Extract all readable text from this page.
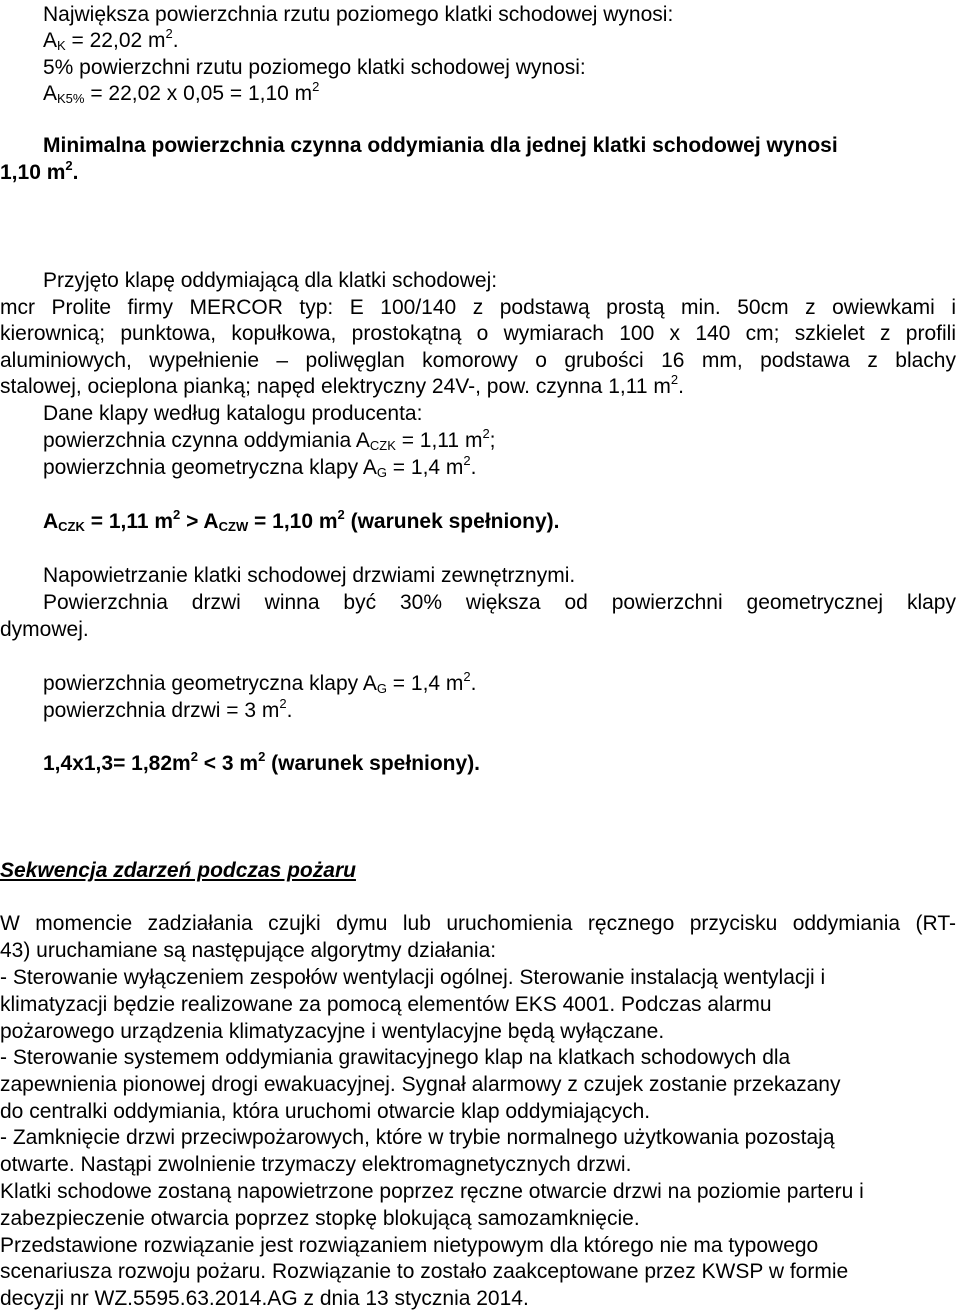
Największa powierzchnia rzutu poziomego klatki schodowej wynosi:
$A_K = 22,02$ $m^2$.
5% powierzchni rzutu poziomego klatki schodowej wynosi:
$A_{K5\%} = 22,02$ x 0,05 = 1,10 $m^2$
Minimalna powierzchnia czynna oddymiania dla jednej klatki schodowej wynosi
1,10 $m^2$.
Przyjęto klapę oddymiającą dla klatki schodowej:
mcr Prolite firmy MERCOR typ: E 100/140 z podstawą prostą min. 50cm z owiewkami i
kierownicą; punktowa, kopułkowa, prostokątną o wymiarach 100 x 140 cm; szkielet z profili
aluminiowych, wypełnienie – poliwęglan komorowy o grubości 16 mm, podstawa z blachy
stalowej, ocieplona pianką; napęd elektryczny 24V-, pow. czynna 1,11 $m^2$.
Dane klapy według katalogu producenta:
powierzchnia czynna oddymiania $A_{CZK} = 1,11$ $m^2$;
powierzchnia geometryczna klapy $A_G = 1,4$ $m^2$.
$A_{CZK} = 1,11$ $m^2 > A_{CZW} = 1,10$ $m^2$ (warunek spełniony).
Napowietrzanie klatki schodowej drzwiami zewnętrznymi.
Powierzchnia drzwi winna być 30% większa od powierzchni geometrycznej klapy
dymowej.
powierzchnia geometryczna klapy $A_G = 1,4$ $m^2$.
powierzchnia drzwi = 3 $m^2$.
$1,4x1,3= 1,82m^2 < 3$ $m^2$ (warunek spełniony).
Sekwencja zdarzeń podczas pożaru
W momencie zadziałania czujki dymu lub uruchomienia ręcznego przycisku oddymiania (RT-
43) uruchamiane są następujące algorytmy działania:
- Sterowanie wyłączeniem zespołów wentylacji ogólnej. Sterowanie instalacją wentylacji i
klimatyzacji będzie realizowane za pomocą elementów EKS 4001. Podczas alarmu
pożarowego urządzenia klimatyzacyjne i wentylacyjne będą wyłączane.
- Sterowanie systemem oddymiania grawitacyjnego klap na klatkach schodowych dla
zapewnienia pionowej drogi ewakuacyjnej. Sygnał alarmowy z czujek zostanie przekazany
do centralki oddymiania, która uruchomi otwarcie klap oddymiających.
- Zamknięcie drzwi przeciwpożarowych, które w trybie normalnego użytkowania pozostają
otwarte. Nastąpi zwolnienie trzymaczy elektromagnetycznych drzwi.
Klatki schodowe zostaną napowietrzone poprzez ręczne otwarcie drzwi na poziomie parteru i
zabezpieczenie otwarcia poprzez stopkę blokującą samozamknięcie.
Przedstawione rozwiązanie jest rozwiązaniem nietypowym dla którego nie ma typowego
scenariusza rozwoju pożaru. Rozwiązanie to zostało zaakceptowane przez KWSP w formie
decyzji nr WZ.5595.63.2014.AG z dnia 13 stycznia 2014.
